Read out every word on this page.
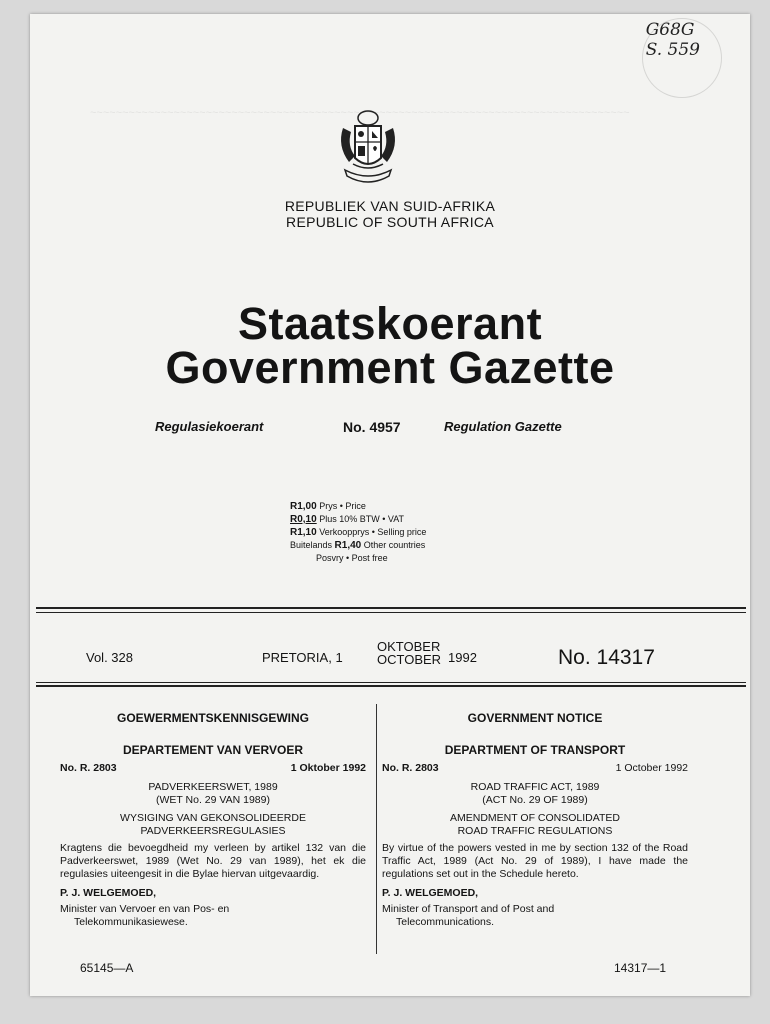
~~~~~~~~~~~~~~~~~~~~~~~~~~~~~~~~~~~~~~~~~~~~~~~~~~~~~~~~~~~~~~~~~~~~~~~~~~~~~~~~~~~~
G68G
S. 559
REPUBLIEK VAN SUID-AFRIKA
REPUBLIC OF SOUTH AFRICA
Staatskoerant
Government Gazette
Regulasiekoerant	No. 4957	Regulation Gazette
R1,00 Prys • Price
R0,10 Plus 10% BTW • VAT
R1,10 Verkoopprys • Selling price
Buitelands R1,40 Other countries
Posvry • Post free
Vol. 328	PRETORIA, 1
OKTOBER
OCTOBER 1992	No. 14317
GOEWERMENTSKENNISGEWING
DEPARTEMENT VAN VERVOER
No. R. 2803	1 Oktober 1992
PADVERKEERSWET, 1989
(WET No. 29 VAN 1989)
WYSIGING VAN GEKONSOLIDEERDE
PADVERKEERSREGULASIES
Kragtens die bevoegdheid my verleen by artikel 132 van die Padverkeerswet, 1989 (Wet No. 29 van 1989), het ek die regulasies uiteengesit in die Bylae hiervan uitgevaardig.
P. J. WELGEMOED,
Minister van Vervoer en van Pos- en
Telekommunikasiewese.
GOVERNMENT NOTICE
DEPARTMENT OF TRANSPORT
No. R. 2803	1 October 1992
ROAD TRAFFIC ACT, 1989
(ACT No. 29 OF 1989)
AMENDMENT OF CONSOLIDATED
ROAD TRAFFIC REGULATIONS
By virtue of the powers vested in me by section 132 of the Road Traffic Act, 1989 (Act No. 29 of 1989), I have made the regulations set out in the Schedule hereto.
P. J. WELGEMOED,
Minister of Transport and of Post and
Telecommunications.
65145—A	14317—1
